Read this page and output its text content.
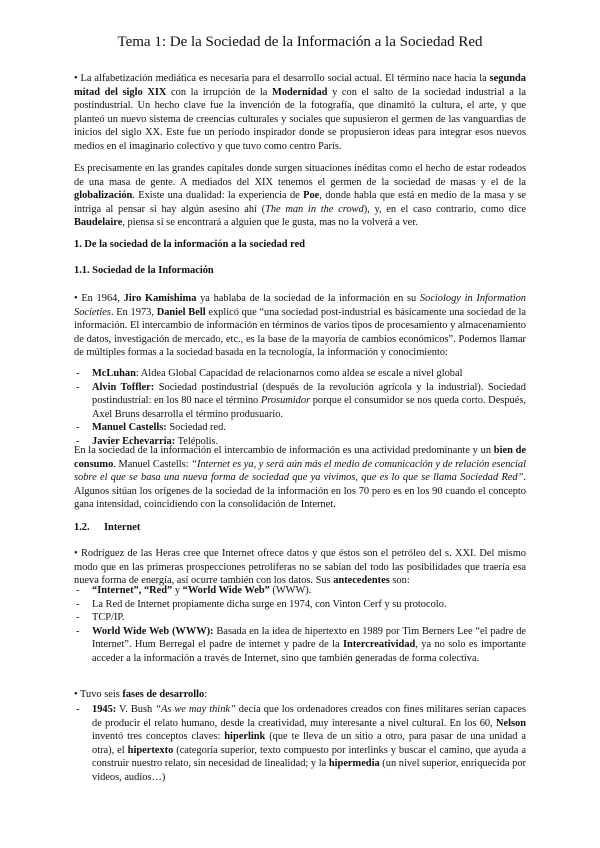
Tema 1: De la Sociedad de la Información a la Sociedad Red

• La alfabetización mediática es necesaria para el desarrollo social actual. El término nace hacia la segunda mitad del siglo XIX con la irrupción de la Modernidad y con el salto de la sociedad industrial a la postindustrial. Un hecho clave fue la invención de la fotografía, que dinamitó la cultura, el arte, y que planteó un nuevo sistema de creencias culturales y sociales que supusieron el germen de las vanguardias de inicios del siglo XX. Este fue un período inspirador donde se propusieron ideas para integrar esos nuevos medios en el imaginario colectivo y que tuvo como centro París.

Es precisamente en las grandes capitales donde surgen situaciones inéditas como el hecho de estar rodeados de una masa de gente. A mediados del XIX tenemos el germen de la sociedad de masas y el de la globalización. Existe una dualidad: la experiencia de Poe, donde habla que está en medio de la masa y se intriga al pensar si hay algún asesino ahí (The man in the crowd), y, en el caso contrario, como dice Baudelaire, piensa si se encontrará a alguien que le gusta, mas no la volverá a ver.

1. De la sociedad de la información a la sociedad red
1.1. Sociedad de la Información

• En 1964, Jiro Kamishima ya hablaba de la sociedad de la información en su Sociology in Information Societies. En 1973, Daniel Bell explicó que “una sociedad post-industrial es básicamente una sociedad de la información. El intercambio de información en términos de varios tipos de procesamiento y almacenamiento de datos, investigación de mercado, etc., es la base de la mayoría de cambios económicos”. Podemos llamar de múltiples formas a la sociedad basada en la tecnología, la información y conocimiento:

- McLuhan: Aldea Global Capacidad de relacionarnos como aldea se escale a nivel global
- Alvin Toffler: Sociedad postindustrial (después de la revolución agrícola y la industrial). Sociedad postindustrial: en los 80 nace el término Prosumidor porque el consumidor se nos queda corto. Después, Axel Bruns desarrolla el término produsuario.
- Manuel Castells: Sociedad red.
- Javier Echevarría: Telépolis.

En la sociedad de la información el intercambio de información es una actividad predominante y un bien de consumo. Manuel Castells: “Internet es ya, y será aún más el medio de comunicación y de relación esencial sobre el que se basa una nueva forma de sociedad que ya vivimos, que es lo que se llama Sociedad Red”. Algunos sitúan los orígenes de la sociedad de la información en los 70 pero es en los 90 cuando el concepto gana intensidad, coincidiendo con la consolidación de Internet.

1.2. Internet

• Rodríguez de las Heras cree que Internet ofrece datos y que éstos son el petróleo del s. XXI. Del mismo modo que en las primeras prospecciones petrolíferas no se sabían del todo las posibilidades que traería esa nueva forma de energía, así ocurre también con los datos. Sus antecedentes son:

- “Internet”, “Red” y “World Wide Web” (WWW).
- La Red de Internet propiamente dicha surge en 1974, con Vinton Cerf y su protocolo.
- TCP/IP.
- World Wide Web (WWW): Basada en la idea de hipertexto en 1989 por Tim Berners Lee “el padre de Internet”. Hum Berregal el padre de internet y padre de la Intercreatividad, ya no solo es importante acceder a la información a través de Internet, sino que también generadas de forma colectiva.

• Tuvo seis fases de desarrollo:

- 1945: V. Bush “As we may think” decía que los ordenadores creados con fines militares serían capaces de producir el relato humano, desde la creatividad, muy interesante a nivel cultural. En los 60, Nelson inventó tres conceptos claves: hiperlink (que te lleva de un sitio a otro, para pasar de una unidad a otra), el hipertexto (categoría superior, texto compuesto por interlinks y buscar el camino, que ayuda a construir nuestro relato, sin necesidad de linealidad; y la hipermedia (un nivel superior, enriquecida por videos, audios…)
